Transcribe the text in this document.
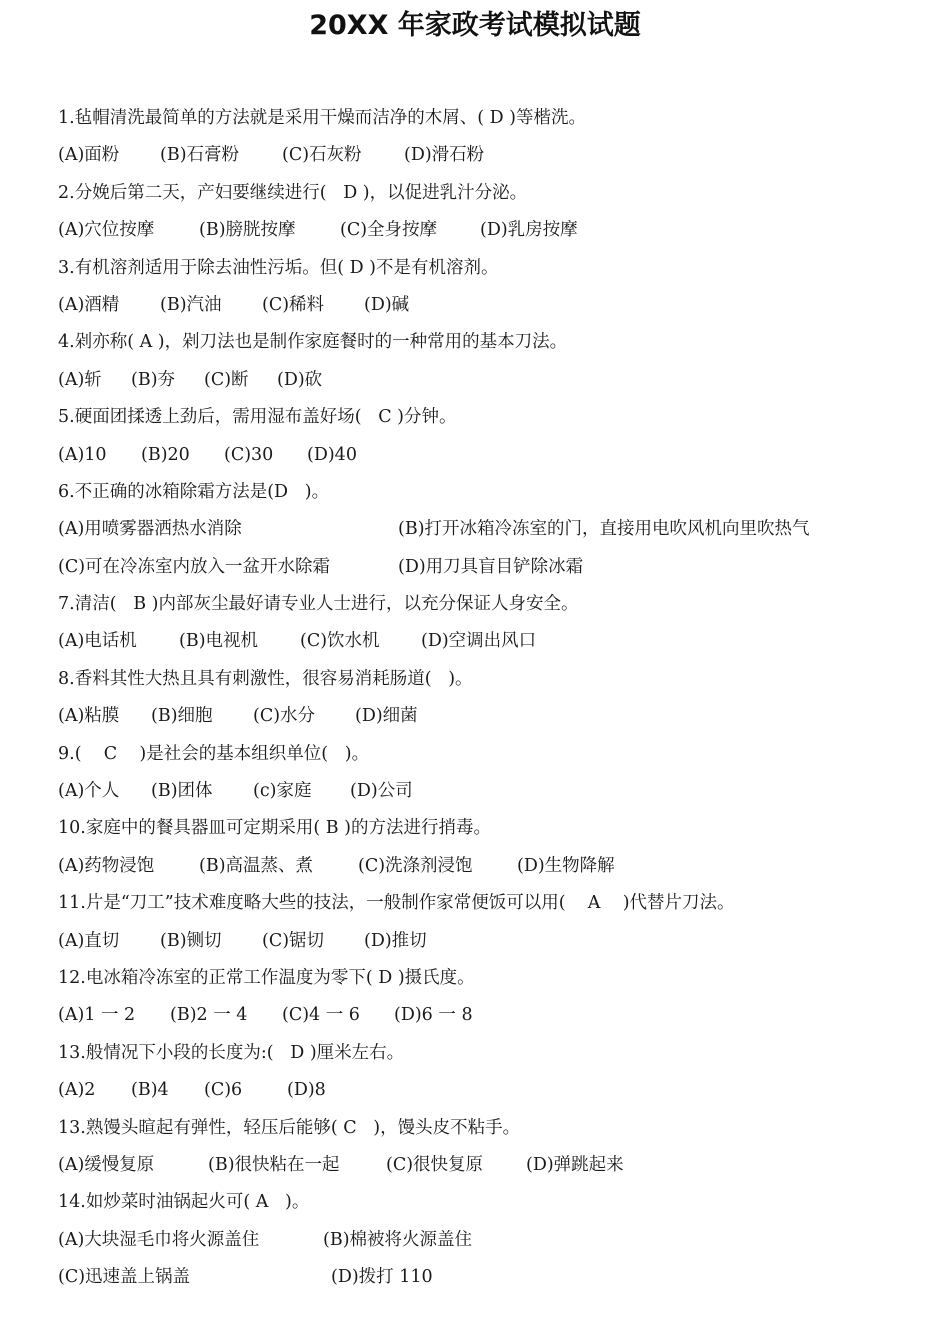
20XX 年家政考试模拟试题
1.毡帽清洗最简单的方法就是采用干燥而洁净的木屑、( D )等楷洗。
(A)面粉 (B)石膏粉 (C)石灰粉 (D)滑石粉
2.分娩后第二天，产妇要继续进行(   D )，以促进乳汁分泌。
(A)穴位按摩	(B)膀胱按摩	(C)全身按摩 (D)乳房按摩
3.有机溶剂适用于除去油性污垢。但( D )不是有机溶剂。
(A)酒精 (B)汽油 (C)稀料 (D)碱
4.剁亦称( A )，剁刀法也是制作家庭餐时的一种常用的基本刀法。
(A)斩 (B)夯 (C)断 (D)砍
5.硬面团揉透上劲后，需用湿布盖好场(   C )分钟。
(A)10 (B)20 (C)30 (D)40
6.不正确的冰箱除霜方法是(D   )。
(A)用喷雾器洒热水消除	(B)打开冰箱冷冻室的门，直接用电吹风机向里吹热气
(C)可在冷冻室内放入一盆开水除霜	(D)用刀具盲目铲除冰霜
7.清洁(   B )内部灰尘最好请专业人士进行，以充分保证人身安全。
(A)电话机 (B)电视机 (C)饮水机 (D)空调出风口
8.香料其性大热且具有刺激性，很容易消耗肠道(   )。
(A)粘膜 (B)细胞 (C)水分 (D)细菌
9.(    C    )是社会的基本组织单位(   )。
(A)个人 (B)团体 (c)家庭 (D)公司
10.家庭中的餐具器皿可定期采用( B )的方法进行捎毒。
(A)药物浸饱	(B)高温蒸、煮	(C)洗涤剂浸饱	(D)生物降解
11.片是“刀工”技术难度略大些的技法，一般制作家常便饭可以用(    A    )代替片刀法。
(A)直切 (B)铡切 (C)锯切 (D)推切
12.电冰箱冷冻室的正常工作温度为零下( D )摄氏度。
(A)1 一 2 (B)2 一 4 (C)4 一 6 (D)6 一 8
13.般情况下小段的长度为:(   D )厘米左右。
(A)2 (B)4 (C)6	(D)8
13.熟馒头暄起有弹性，轻压后能够( C   )，馒头皮不粘手。
(A)缓慢复原	(B)很快粘在一起	(C)很快复原 (D)弹跳起来
14.如炒菜时油锅起火可( A   )。
(A)大块湿毛巾将火源盖住	(B)棉被将火源盖住
(C)迅速盖上锅盖	(D)拨打 110
